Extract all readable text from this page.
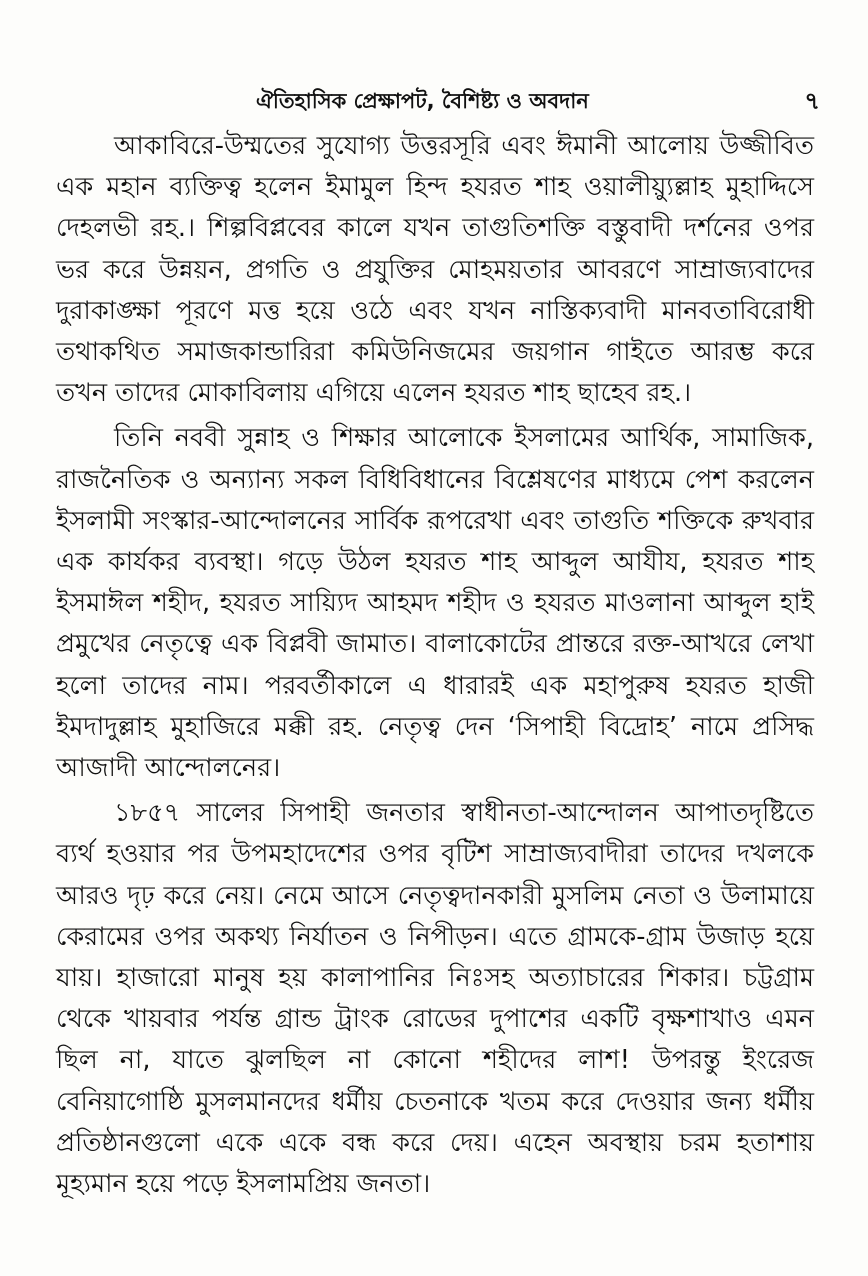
ঐতিহাসিক প্রেক্ষাপট, বৈশিষ্ট্য ও অবদান	৭

আকাবিরে-উম্মতের সুযোগ্য উত্তরসূরি এবং ঈমানী আলোয় উজ্জীবিত এক মহান ব্যক্তিত্ব হলেন ইমামুল হিন্দ হযরত শাহ ওয়ালীয়্যুল্লাহ মুহাদ্দিসে দেহলভী রহ.। শিল্পবিপ্লবের কালে যখন তাগুতিশক্তি বস্তুবাদী দর্শনের ওপর ভর করে উন্নয়ন, প্রগতি ও প্রযুক্তির মোহময়তার আবরণে সাম্রাজ্যবাদের দুরাকাঙ্ক্ষা পূরণে মত্ত হয়ে ওঠে এবং যখন নাস্তিক্যবাদী মানবতাবিরোধী তথাকথিত সমাজকান্ডারিরা কমিউনিজমের জয়গান গাইতে আরম্ভ করে তখন তাদের মোকাবিলায় এগিয়ে এলেন হযরত শাহ ছাহেব রহ.।

তিনি নববী সুন্নাহ ও শিক্ষার আলোকে ইসলামের আর্থিক, সামাজিক, রাজনৈতিক ও অন্যান্য সকল বিধিবিধানের বিশ্লেষণের মাধ্যমে পেশ করলেন ইসলামী সংস্কার-আন্দোলনের সার্বিক রূপরেখা এবং তাগুতি শক্তিকে রুখবার এক কার্যকর ব্যবস্থা। গড়ে উঠল হযরত শাহ আব্দুল আযীয, হযরত শাহ ইসমাঈল শহীদ, হযরত সায়্যিদ আহমদ শহীদ ও হযরত মাওলানা আব্দুল হাই প্রমুখের নেতৃত্বে এক বিপ্লবী জামাত। বালাকোটের প্রান্তরে রক্ত-আখরে লেখা হলো তাদের নাম। পরবর্তীকালে এ ধারারই এক মহাপুরুষ হযরত হাজী ইমদাদুল্লাহ মুহাজিরে মক্কী রহ. নেতৃত্ব দেন ‘সিপাহী বিদ্রোহ’ নামে প্রসিদ্ধ আজাদী আন্দোলনের।

১৮৫৭ সালের সিপাহী জনতার স্বাধীনতা-আন্দোলন আপাতদৃষ্টিতে ব্যর্থ হওয়ার পর উপমহাদেশের ওপর বৃটিশ সাম্রাজ্যবাদীরা তাদের দখলকে আরও দৃঢ় করে নেয়। নেমে আসে নেতৃত্বদানকারী মুসলিম নেতা ও উলামায়ে কেরামের ওপর অকথ্য নির্যাতন ও নিপীড়ন। এতে গ্রামকে-গ্রাম উজাড় হয়ে যায়। হাজারো মানুষ হয় কালাপানির নিঃসহ অত্যাচারের শিকার। চট্টগ্রাম থেকে খায়বার পর্যন্ত গ্রান্ড ট্রাংক রোডের দুপাশের একটি বৃক্ষশাখাও এমন ছিল না, যাতে ঝুলছিল না কোনো শহীদের লাশ! উপরন্তু ইংরেজ বেনিয়াগোষ্ঠি মুসলমানদের ধর্মীয় চেতনাকে খতম করে দেওয়ার জন্য ধর্মীয় প্রতিষ্ঠানগুলো একে একে বন্ধ করে দেয়। এহেন অবস্থায় চরম হতাশায় মূহ্যমান হয়ে পড়ে ইসলামপ্রিয় জনতা।
